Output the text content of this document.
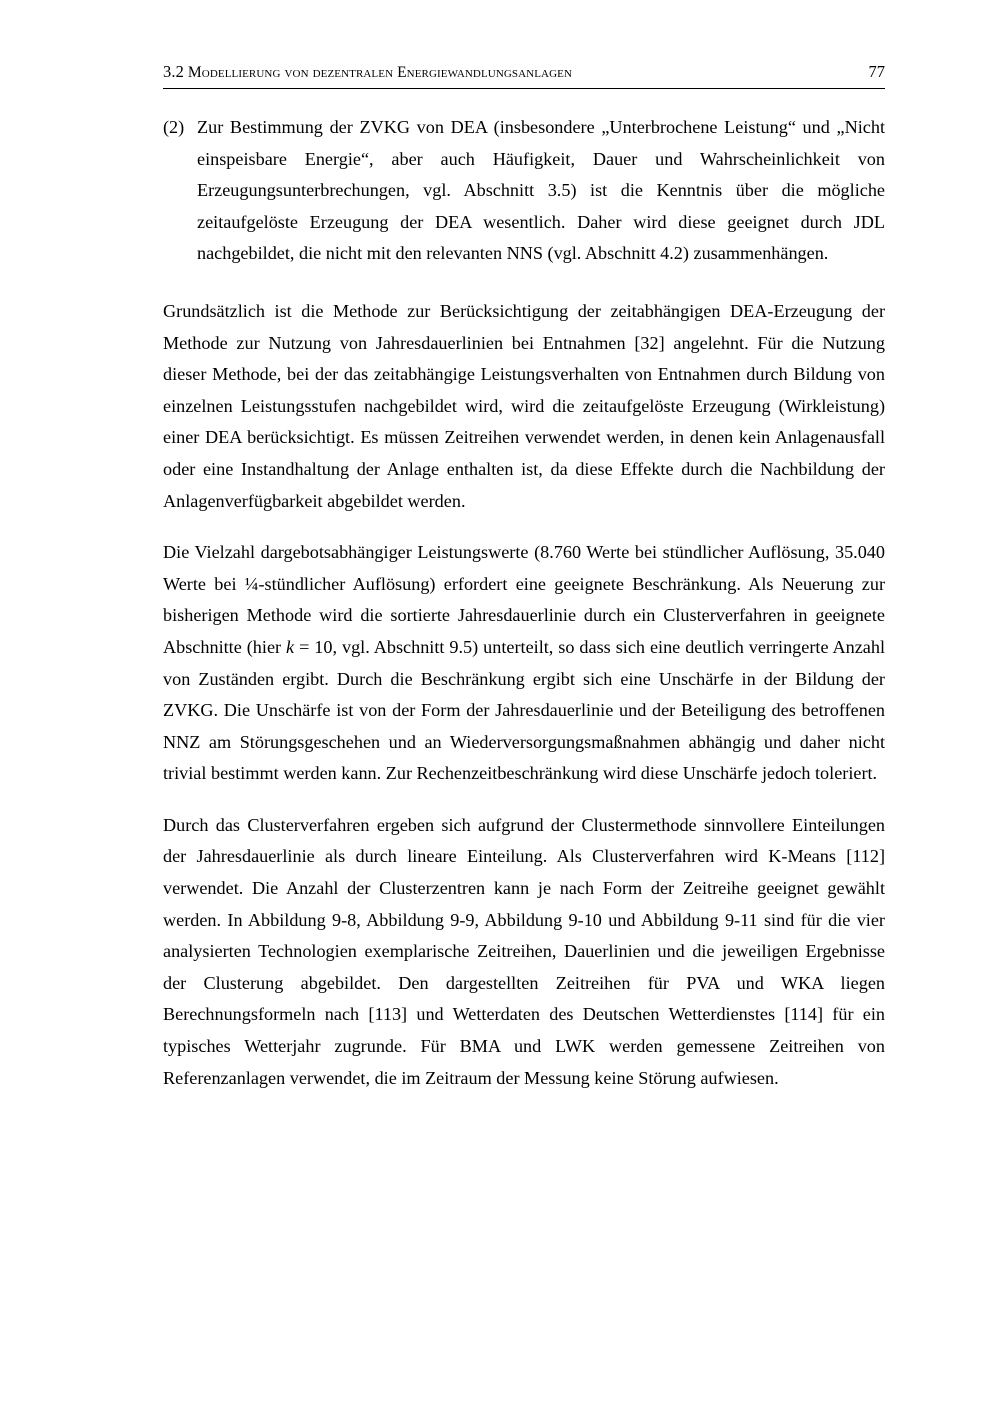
3.2 Modellierung von dezentralen Energiewandlungsanlagen	77
(2) Zur Bestimmung der ZVKG von DEA (insbesondere „Unterbrochene Leistung“ und „Nicht einspeisbare Energie“, aber auch Häufigkeit, Dauer und Wahrscheinlichkeit von Erzeugungsunterbrechungen, vgl. Abschnitt 3.5) ist die Kenntnis über die mögliche zeitaufgelöste Erzeugung der DEA wesentlich. Daher wird diese geeignet durch JDL nachgebildet, die nicht mit den relevanten NNS (vgl. Abschnitt 4.2) zusammenhängen.

Grundsätzlich ist die Methode zur Berücksichtigung der zeitabhängigen DEA-Erzeugung der Methode zur Nutzung von Jahresdauerlinien bei Entnahmen [32] angelehnt. Für die Nutzung dieser Methode, bei der das zeitabhängige Leistungsverhalten von Entnahmen durch Bildung von einzelnen Leistungsstufen nachgebildet wird, wird die zeitaufgelöste Erzeugung (Wirkleistung) einer DEA berücksichtigt. Es müssen Zeitreihen verwendet werden, in denen kein Anlagenausfall oder eine Instandhaltung der Anlage enthalten ist, da diese Effekte durch die Nachbildung der Anlagenverfügbarkeit abgebildet werden.

Die Vielzahl dargebotsabhängiger Leistungswerte (8.760 Werte bei stündlicher Auflösung, 35.040 Werte bei ¼-stündlicher Auflösung) erfordert eine geeignete Beschränkung. Als Neuerung zur bisherigen Methode wird die sortierte Jahresdauerlinie durch ein Clusterverfahren in geeignete Abschnitte (hier k = 10, vgl. Abschnitt 9.5) unterteilt, so dass sich eine deutlich verringerte Anzahl von Zuständen ergibt. Durch die Beschränkung ergibt sich eine Unschärfe in der Bildung der ZVKG. Die Unschärfe ist von der Form der Jahresdauerlinie und der Beteiligung des betroffenen NNZ am Störungsgeschehen und an Wiederversorgungsmaßnahmen abhängig und daher nicht trivial bestimmt werden kann. Zur Rechenzeitbeschränkung wird diese Unschärfe jedoch toleriert.

Durch das Clusterverfahren ergeben sich aufgrund der Clustermethode sinnvollere Einteilungen der Jahresdauerlinie als durch lineare Einteilung. Als Clusterverfahren wird K-Means [112] verwendet. Die Anzahl der Clusterzentren kann je nach Form der Zeitreihe geeignet gewählt werden. In Abbildung 9-8, Abbildung 9-9, Abbildung 9-10 und Abbildung 9-11 sind für die vier analysierten Technologien exemplarische Zeitreihen, Dauerlinien und die jeweiligen Ergebnisse der Clusterung abgebildet. Den dargestellten Zeitreihen für PVA und WKA liegen Berechnungsformeln nach [113] und Wetterdaten des Deutschen Wetterdienstes [114] für ein typisches Wetterjahr zugrunde. Für BMA und LWK werden gemessene Zeitreihen von Referenzanlagen verwendet, die im Zeitraum der Messung keine Störung aufwiesen.
